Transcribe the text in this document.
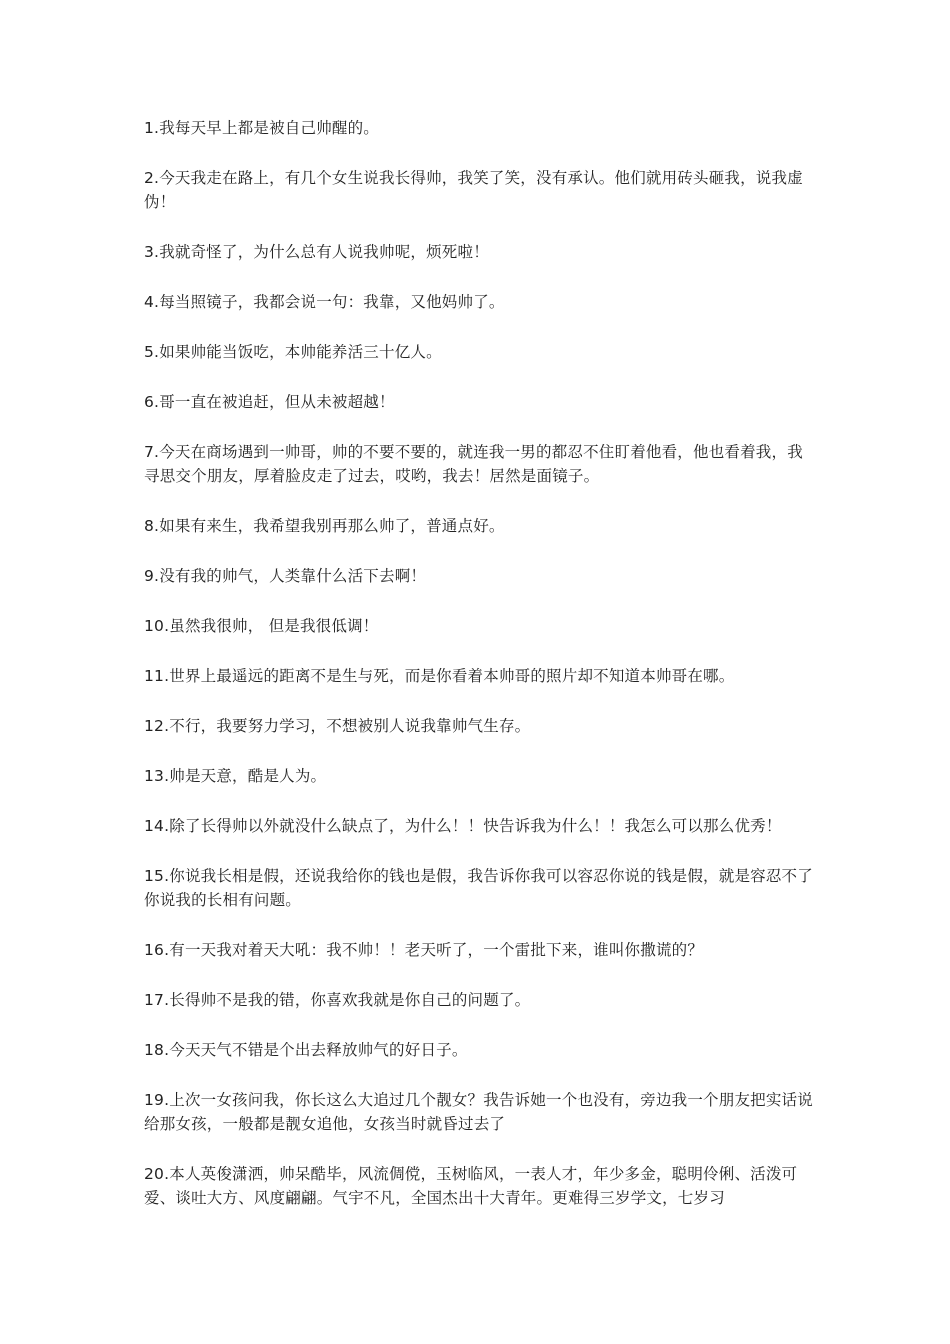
1.我每天早上都是被自己帅醒的。

2.今天我走在路上，有几个女生说我长得帅，我笑了笑，没有承认。他们就用砖头砸我，说我虚伪！

3.我就奇怪了，为什么总有人说我帅呢，烦死啦！

4.每当照镜子，我都会说一句：我靠，又他妈帅了。

5.如果帅能当饭吃，本帅能养活三十亿人。

6.哥一直在被追赶，但从未被超越！

7.今天在商场遇到一帅哥，帅的不要不要的，就连我一男的都忍不住盯着他看，他也看着我，我寻思交个朋友，厚着脸皮走了过去，哎哟，我去！居然是面镜子。

8.如果有来生，我希望我别再那么帅了，普通点好。

9.没有我的帅气，人类靠什么活下去啊！

10.虽然我很帅， 但是我很低调！

11.世界上最遥远的距离不是生与死，而是你看着本帅哥的照片却不知道本帅哥在哪。

12.不行，我要努力学习，不想被别人说我靠帅气生存。

13.帅是天意，酷是人为。

14.除了长得帅以外就没什么缺点了，为什么！！快告诉我为什么！！我怎么可以那么优秀！

15.你说我长相是假，还说我给你的钱也是假，我告诉你我可以容忍你说的钱是假，就是容忍不了你说我的长相有问题。

16.有一天我对着天大吼：我不帅！！老天听了，一个雷批下来，谁叫你撒谎的？

17.长得帅不是我的错，你喜欢我就是你自己的问题了。

18.今天天气不错是个出去释放帅气的好日子。

19.上次一女孩问我，你长这么大追过几个靓女？我告诉她一个也没有，旁边我一个朋友把实话说给那女孩，一般都是靓女追他，女孩当时就昏过去了

20.本人英俊潇洒，帅呆酷毕，风流倜傥，玉树临风，一表人才，年少多金，聪明伶俐、活泼可爱、谈吐大方、风度翩翩。气宇不凡，全国杰出十大青年。更难得三岁学文，七岁习
